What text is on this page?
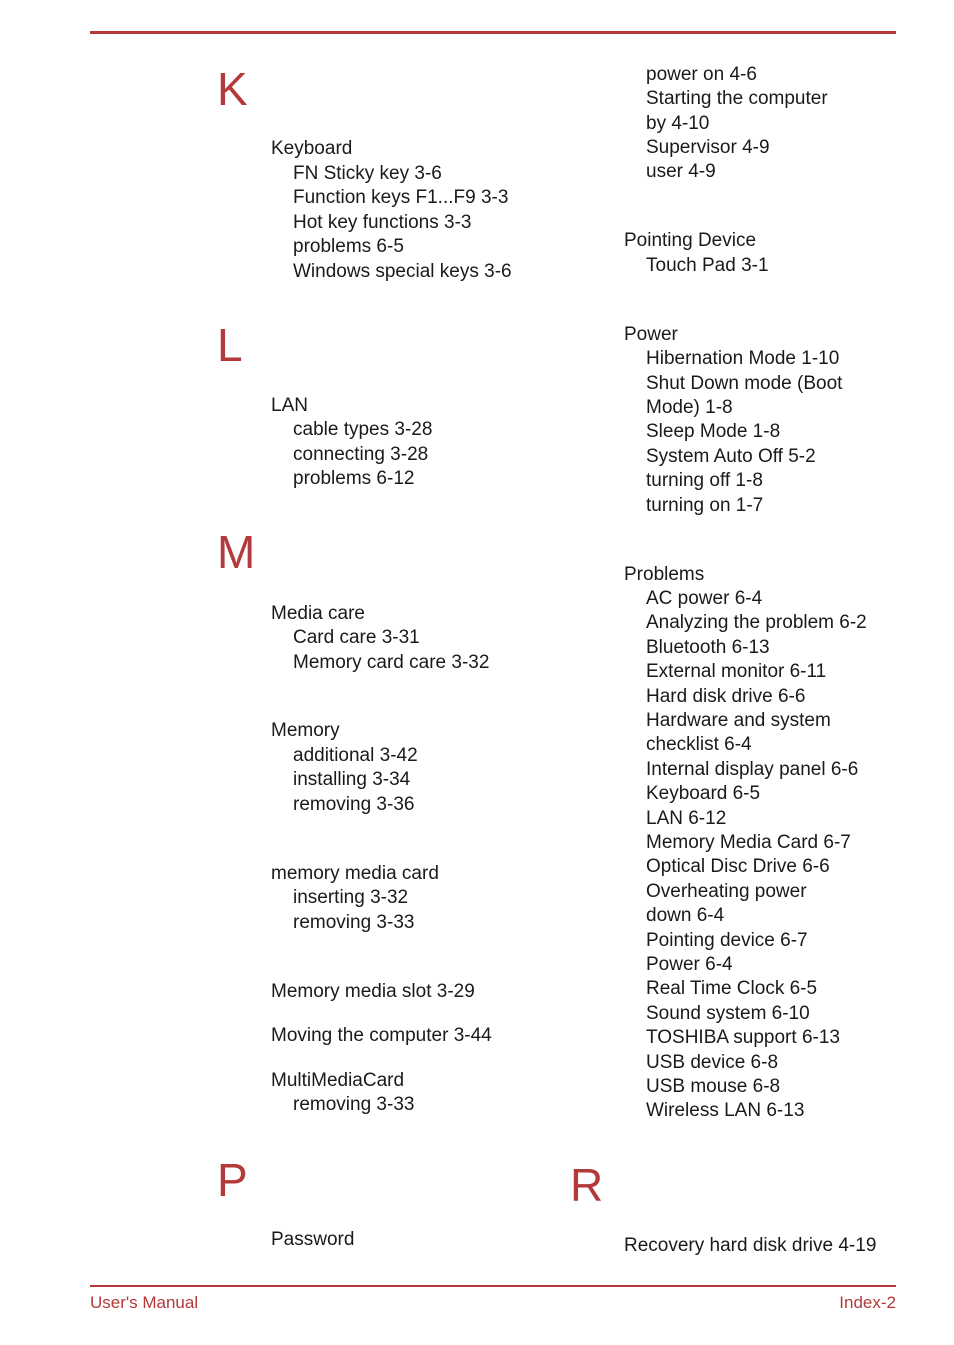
K
Keyboard
FN Sticky key 3-6
Function keys F1...F9 3-3
Hot key functions 3-3
problems 6-5
Windows special keys 3-6
L
LAN
cable types 3-28
connecting 3-28
problems 6-12
M
Media care
Card care 3-31
Memory card care 3-32
Memory
additional 3-42
installing 3-34
removing 3-36
memory media card
inserting 3-32
removing 3-33
Memory media slot 3-29
Moving the computer 3-44
MultiMediaCard
removing 3-33
P
Password
power on 4-6
Starting the computer
by 4-10
Supervisor 4-9
user 4-9
Pointing Device
Touch Pad 3-1
Power
Hibernation Mode 1-10
Shut Down mode (Boot
Mode) 1-8
Sleep Mode 1-8
System Auto Off 5-2
turning off 1-8
turning on 1-7
Problems
AC power 6-4
Analyzing the problem 6-2
Bluetooth 6-13
External monitor 6-11
Hard disk drive 6-6
Hardware and system
checklist 6-4
Internal display panel 6-6
Keyboard 6-5
LAN 6-12
Memory Media Card 6-7
Optical Disc Drive 6-6
Overheating power
down 6-4
Pointing device 6-7
Power 6-4
Real Time Clock 6-5
Sound system 6-10
TOSHIBA support 6-13
USB device 6-8
USB mouse 6-8
Wireless LAN 6-13
R
Recovery hard disk drive 4-19
User's Manual	Index-2
